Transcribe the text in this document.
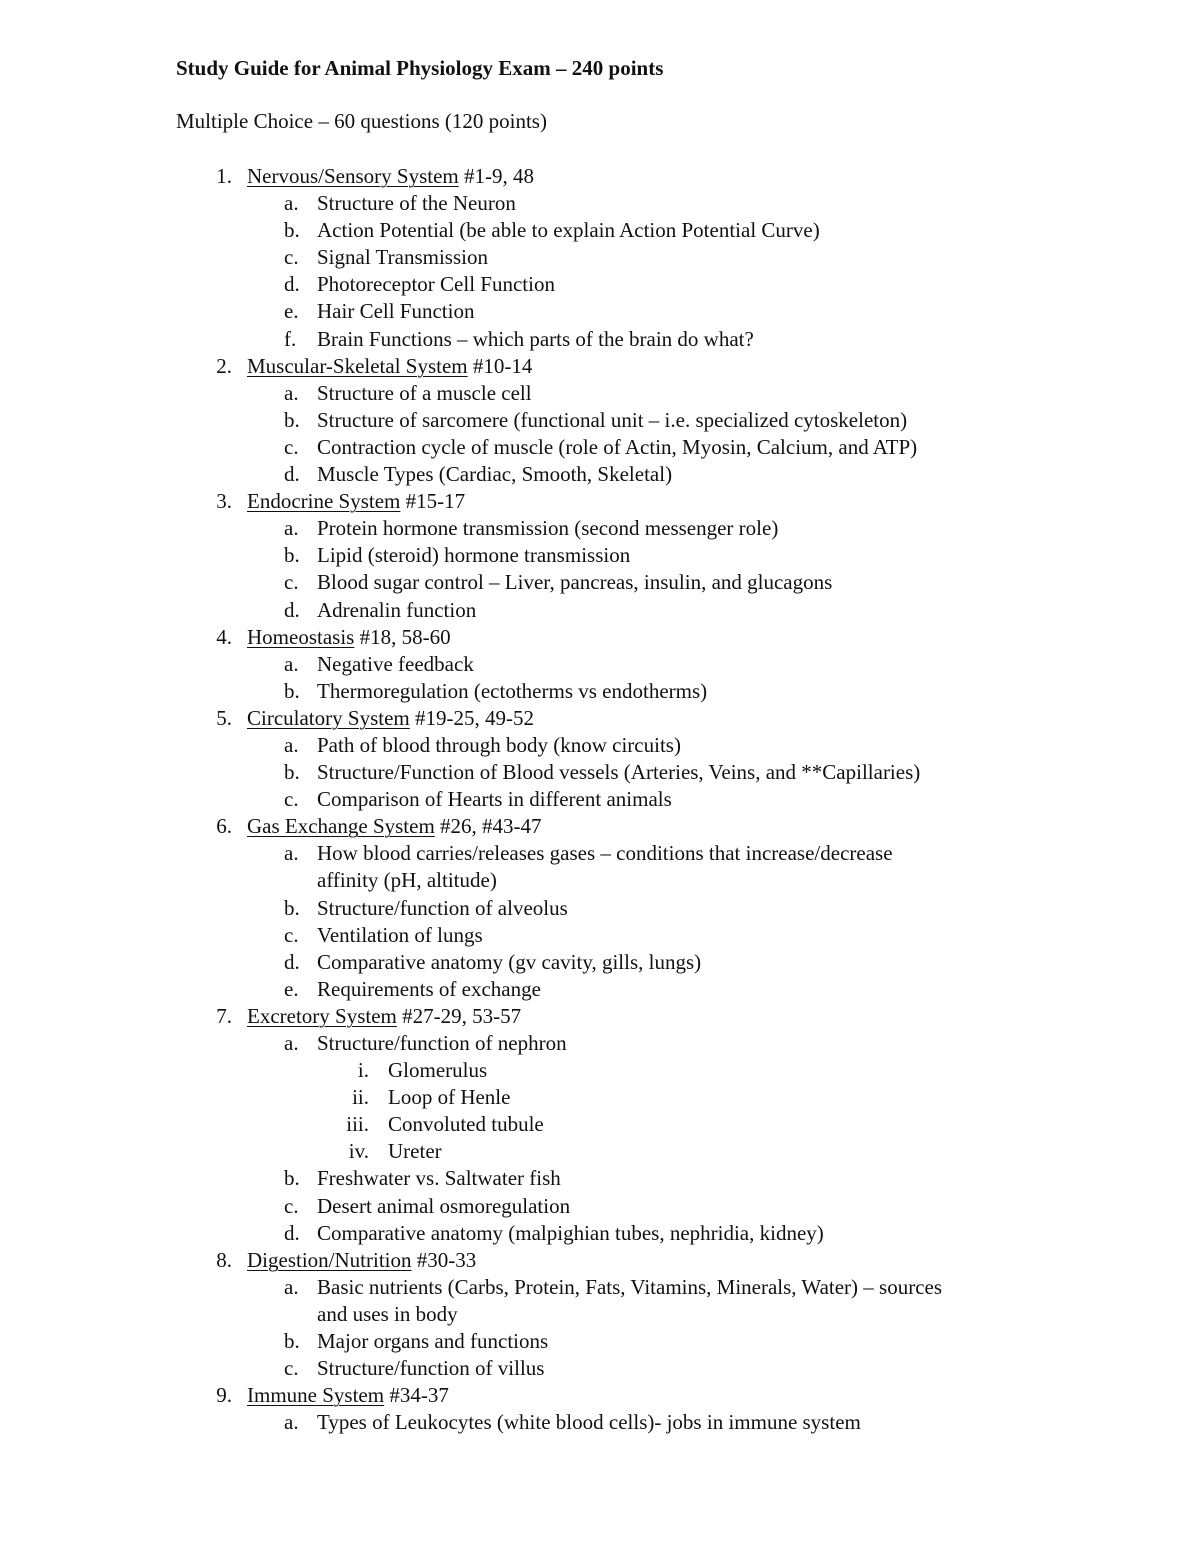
Study Guide for Animal Physiology Exam – 240 points
Multiple Choice – 60 questions (120 points)
1. Nervous/Sensory System #1-9, 48
a. Structure of the Neuron
b. Action Potential (be able to explain Action Potential Curve)
c. Signal Transmission
d. Photoreceptor Cell Function
e. Hair Cell Function
f. Brain Functions – which parts of the brain do what?
2. Muscular-Skeletal System #10-14
a. Structure of a muscle cell
b. Structure of sarcomere (functional unit – i.e. specialized cytoskeleton)
c. Contraction cycle of muscle (role of Actin, Myosin, Calcium, and ATP)
d. Muscle Types (Cardiac, Smooth, Skeletal)
3. Endocrine System #15-17
a. Protein hormone transmission (second messenger role)
b. Lipid (steroid) hormone transmission
c. Blood sugar control – Liver, pancreas, insulin, and glucagons
d. Adrenalin function
4. Homeostasis #18, 58-60
a. Negative feedback
b. Thermoregulation (ectotherms vs endotherms)
5. Circulatory System #19-25, 49-52
a. Path of blood through body (know circuits)
b. Structure/Function of Blood vessels (Arteries, Veins, and **Capillaries)
c. Comparison of Hearts in different animals
6. Gas Exchange System #26, #43-47
a. How blood carries/releases gases – conditions that increase/decrease
affinity (pH, altitude)
b. Structure/function of alveolus
c. Ventilation of lungs
d. Comparative anatomy (gv cavity, gills, lungs)
e. Requirements of exchange
7. Excretory System #27-29, 53-57
a. Structure/function of nephron
i. Glomerulus
ii. Loop of Henle
iii. Convoluted tubule
iv. Ureter
b. Freshwater vs. Saltwater fish
c. Desert animal osmoregulation
d. Comparative anatomy (malpighian tubes, nephridia, kidney)
8. Digestion/Nutrition #30-33
a. Basic nutrients (Carbs, Protein, Fats, Vitamins, Minerals, Water) – sources
and uses in body
b. Major organs and functions
c. Structure/function of villus
9. Immune System #34-37
a. Types of Leukocytes (white blood cells)- jobs in immune system
